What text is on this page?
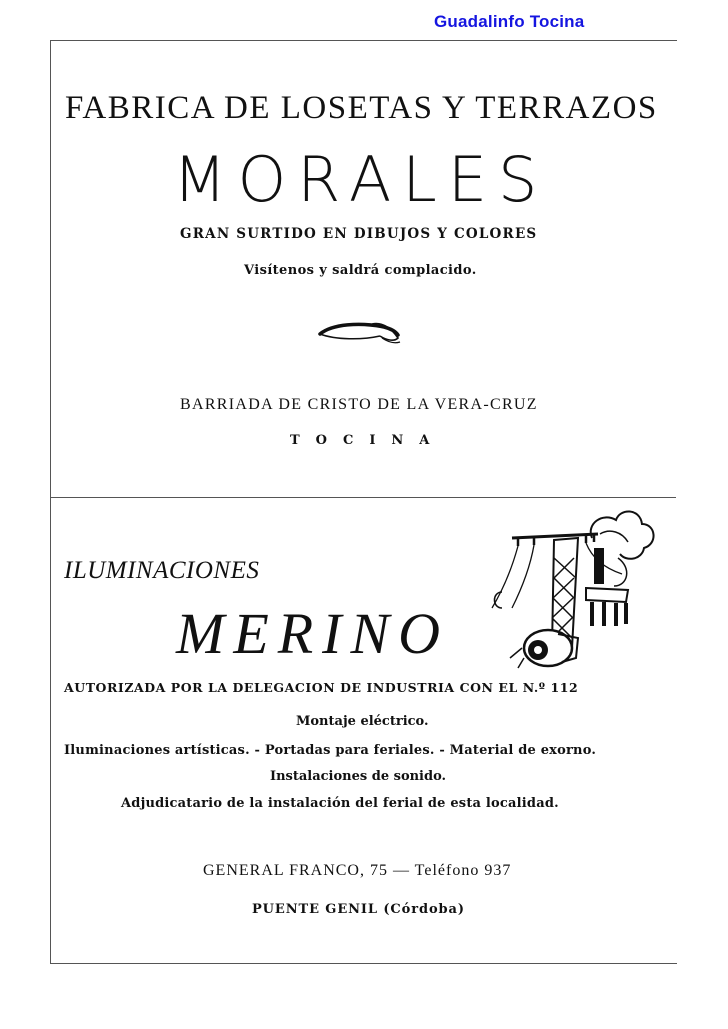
Guadalinfo Tocina
FABRICA DE LOSETAS Y TERRAZOS
MORALES
GRAN SURTIDO EN DIBUJOS Y COLORES
Visítenos y saldrá complacido.
BARRIADA DE CRISTO DE LA VERA-CRUZ
TOCINA
ILUMINACIONES
MERINO
AUTORIZADA POR LA DELEGACION DE INDUSTRIA CON EL N.º 112
Montaje eléctrico.
Iluminaciones artísticas. - Portadas para feriales. - Material de exorno.
Instalaciones de sonido.
Adjudicatario de la instalación del ferial de esta localidad.
GENERAL FRANCO, 75 — Teléfono 937
PUENTE GENIL (Córdoba)
